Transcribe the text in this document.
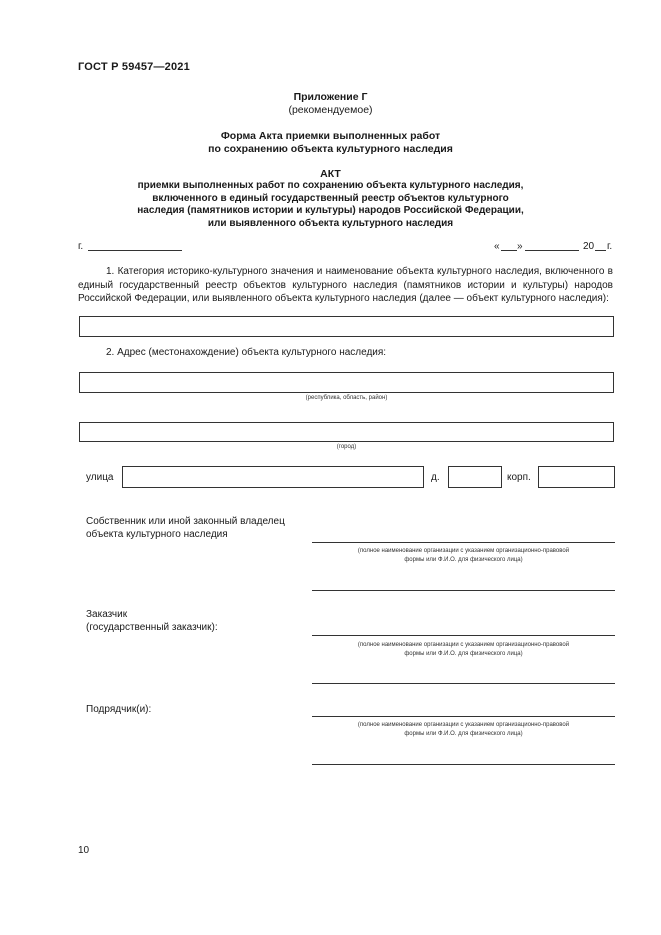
ГОСТ Р 59457—2021
Приложение Г
(рекомендуемое)
Форма Акта приемки выполненных работ
по сохранению объекта культурного наследия
АКТ
приемки выполненных работ по сохранению объекта культурного наследия,
включенного в единый государственный реестр объектов культурного
наследия (памятников истории и культуры) народов Российской Федерации,
или выявленного объекта культурного наследия
г.	« »	20 г.
1. Категория историко-культурного значения и наименование объекта культурного наследия, включенного в единый государственный реестр объектов культурного наследия (памятников истории и культуры) народов Российской Федерации, или выявленного объекта культурного наследия (далее — объект культурного наследия):
2. Адрес (местонахождение) объекта культурного наследия:
(республика, область, район)
(город)
улица	д.	корп.
Собственник или иной законный владелец
объекта культурного наследия
(полное наименование организации с указанием организационно-правовой
формы или Ф.И.О. для физического лица)
Заказчик
(государственный заказчик):
(полное наименование организации с указанием организационно-правовой
формы или Ф.И.О. для физического лица)
Подрядчик(и):
(полное наименование организации с указанием организационно-правовой
формы или Ф.И.О. для физического лица)
10
